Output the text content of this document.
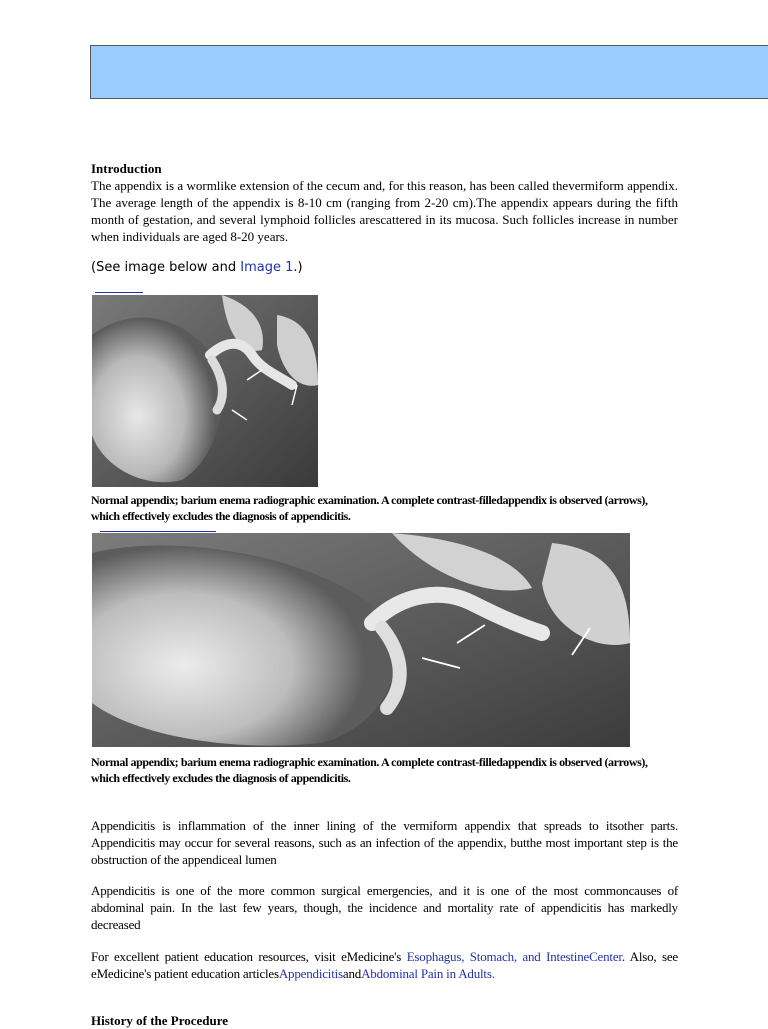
Introduction
The appendix is a wormlike extension of the cecum and, for this reason, has been called thevermiform appendix. The average length of the appendix is 8-10 cm (ranging from 2-20 cm).The appendix appears during the fifth month of gestation, and several lymphoid follicles arescattered in its mucosa. Such follicles increase in number when individuals are aged 8-20 years.
(See image below and Image 1.)
Normal appendix; barium enema radiographic examination. A complete contrast-filledappendix is observed (arrows), which effectively excludes the diagnosis of appendicitis.
Normal appendix; barium enema radiographic examination. A complete contrast-filledappendix is observed (arrows), which effectively excludes the diagnosis of appendicitis.
Appendicitis is inflammation of the inner lining of the vermiform appendix that spreads to itsother parts. Appendicitis may occur for several reasons, such as an infection of the appendix, butthe most important step is the obstruction of the appendiceal lumen
Appendicitis is one of the more common surgical emergencies, and it is one of the most commoncauses of abdominal pain. In the last few years, though, the incidence and mortality rate of appendicitis has markedly decreased
For excellent patient education resources, visit eMedicine's Esophagus, Stomach, and IntestineCenter. Also, see eMedicine's patient education articlesAppendicitisandAbdominal Pain in Adults.
History of the Procedure
